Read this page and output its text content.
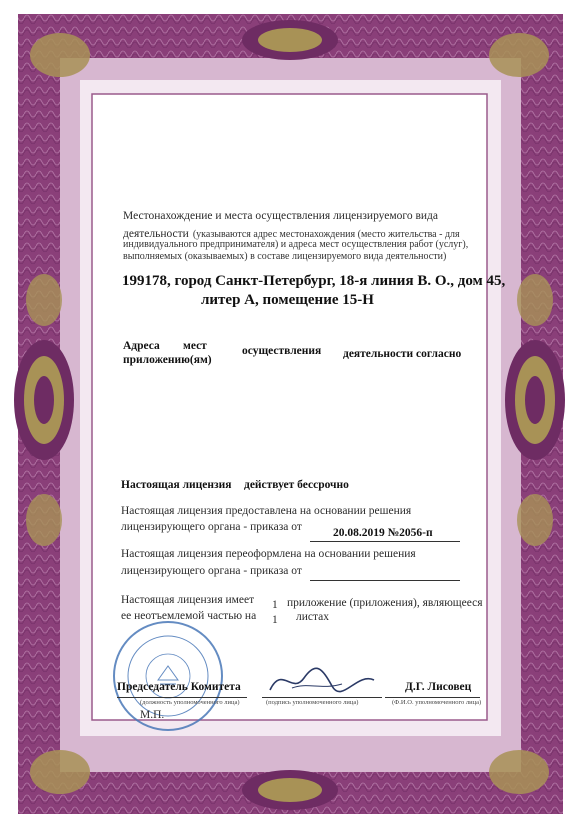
Местонахождение и места осуществления лицензируемого вида
деятельности (указываются адрес местонахождения (место жительства - для
индивидуального предпринимателя) и адреса мест осуществления работ (услуг),
выполняемых (оказываемых) в составе лицензируемого вида деятельности)
199178, город Санкт-Петербург, 18-я линия В. О., дом 45,
литер А, помещение 15-Н
Адреса мест	осуществления деятельности согласно
приложению(ям)
Настоящая лицензия действует бессрочно
Настоящая лицензия предоставлена на основании решения
лицензирующего органа - приказа от	20.08.2019 №2056-п
Настоящая лицензия переоформлена на основании решения
лицензирующего органа - приказа от
Настоящая лицензия имеет 1 приложение (приложения), являющееся
ее неотъемлемой частью на 1 листах
Председатель Комитета
(должность уполномоченного лица)	(подпись уполномоченного лица)
Д.Г. Лисовец
(Ф.И.О. уполномоченного лица)
М.П.
